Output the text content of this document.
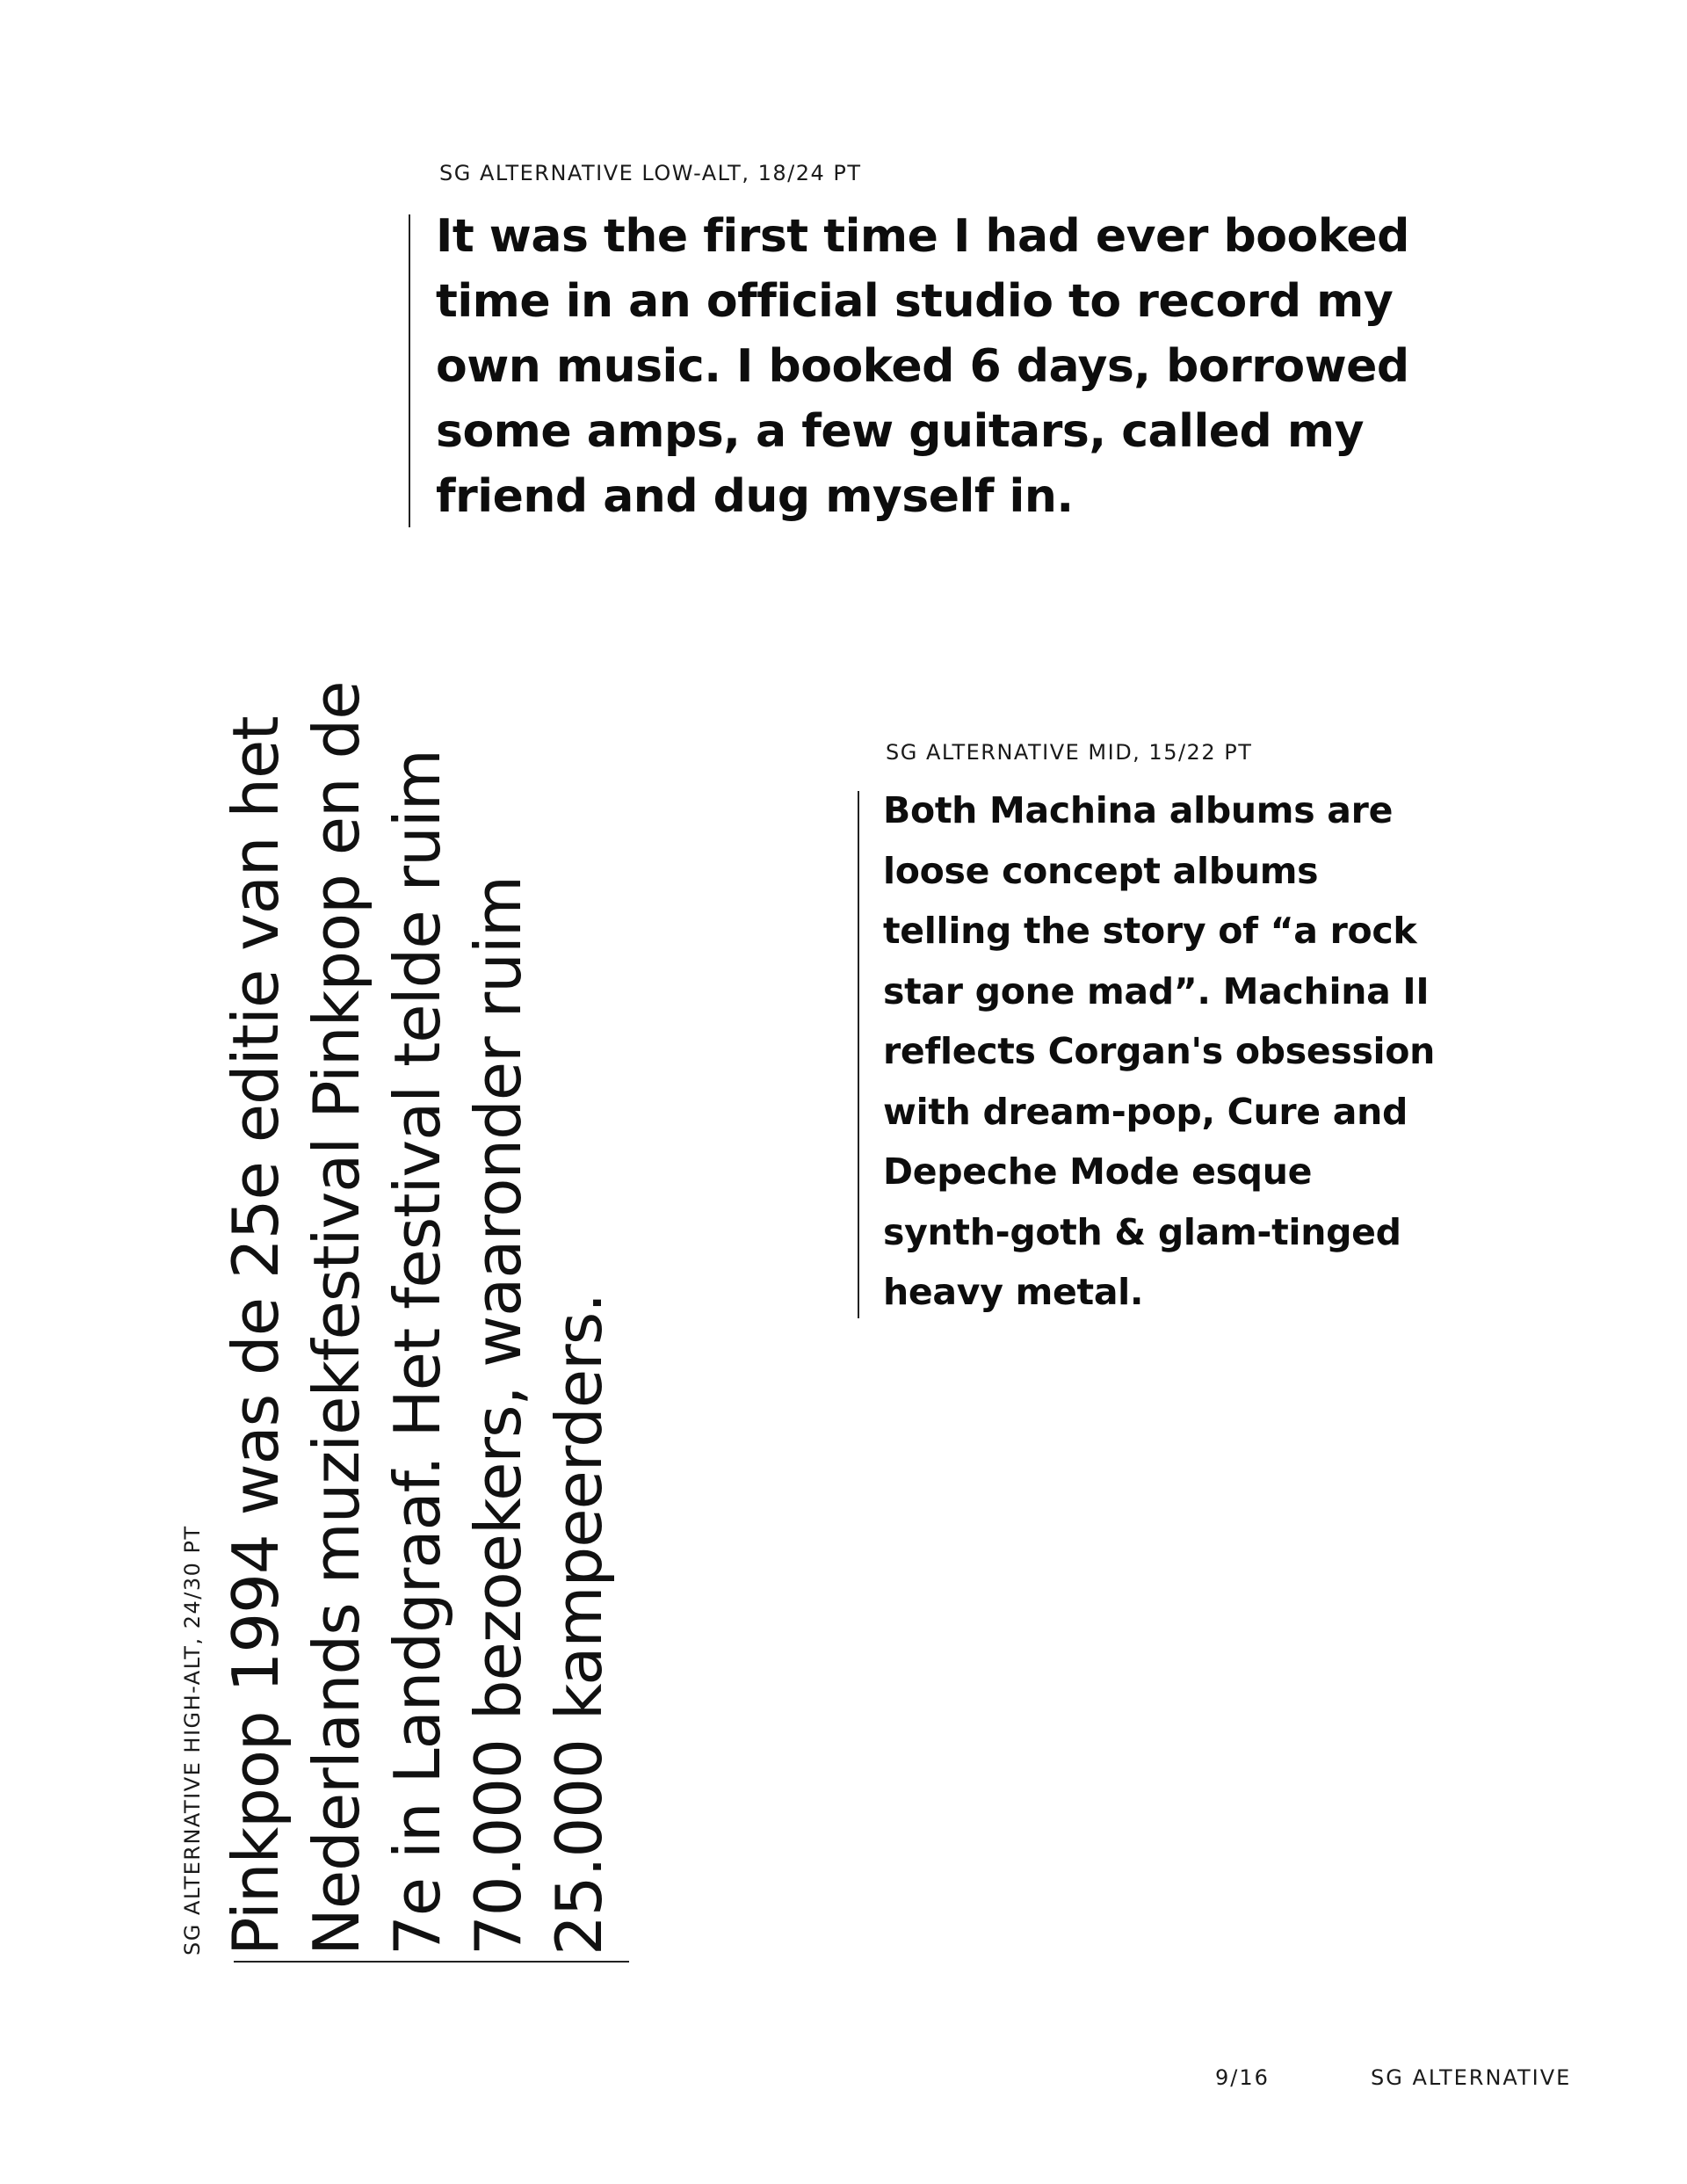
SG ALTERNATIVE LOW-ALT, 18/24 PT
It was the first time I had ever booked
time in an official studio to record my
own music. I booked 6 days, borrowed
some amps, a few guitars, called my
friend and dug myself in.
SG ALTERNATIVE HIGH-ALT, 24/30 PT Pinkpop 1994 was de 25e editie van het Nederlands muziekfestival Pinkpop en de 7e in Landgraaf. Het festival telde ruim 70.000 bezoekers, waaronder ruim 25.000 kampeerders.
SG ALTERNATIVE MID, 15/22 PT
Both Machina albums are
loose concept albums
telling the story of “a rock
star gone mad”. Machina II
reflects Corgan's obsession
with dream-pop, Cure and
Depeche Mode esque
synth-goth & glam-tinged
heavy metal.
9/16	SG ALTERNATIVE
